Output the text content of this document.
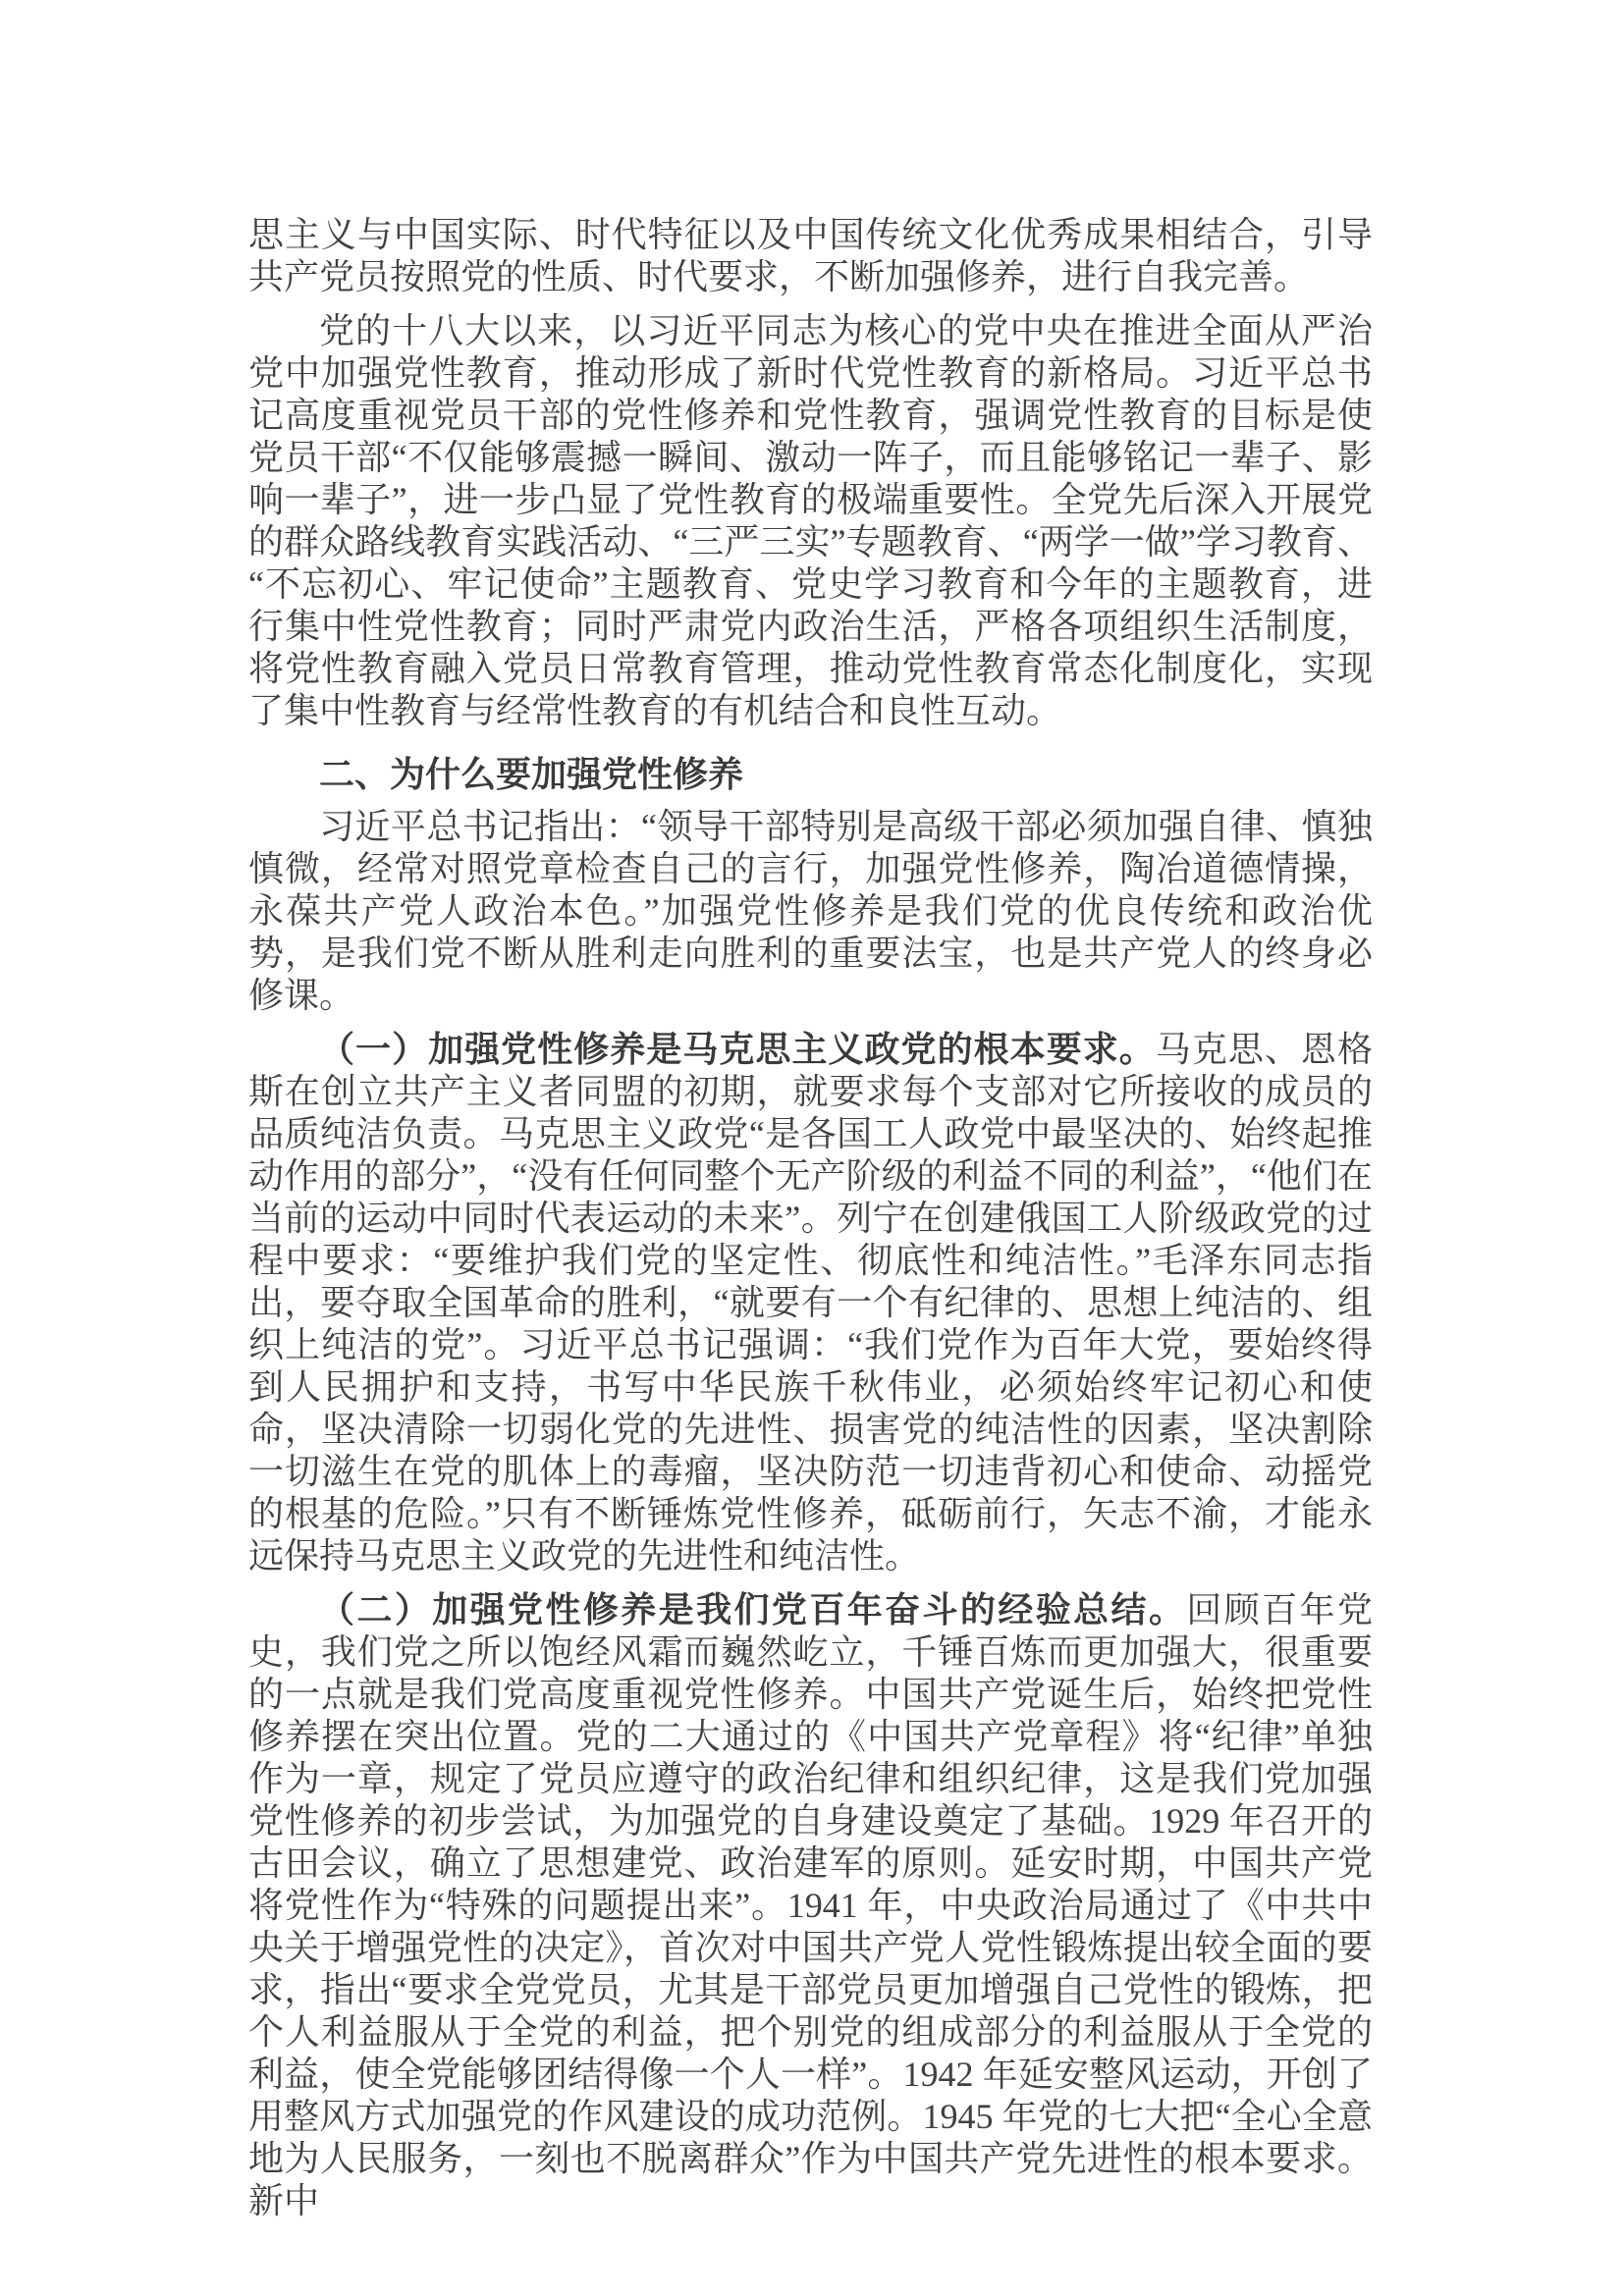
思主义与中国实际、时代特征以及中国传统文化优秀成果相结合，引导共产党员按照党的性质、时代要求，不断加强修养，进行自我完善。

党的十八大以来，以习近平同志为核心的党中央在推进全面从严治党中加强党性教育，推动形成了新时代党性教育的新格局。习近平总书记高度重视党员干部的党性修养和党性教育，强调党性教育的目标是使党员干部“不仅能够震撼一瞬间、激动一阵子，而且能够铭记一辈子、影响一辈子”，进一步凸显了党性教育的极端重要性。全党先后深入开展党的群众路线教育实践活动、“三严三实”专题教育、“两学一做”学习教育、“不忘初心、牢记使命”主题教育、党史学习教育和今年的主题教育，进行集中性党性教育；同时严肃党内政治生活，严格各项组织生活制度，将党性教育融入党员日常教育管理，推动党性教育常态化制度化，实现了集中性教育与经常性教育的有机结合和良性互动。

二、为什么要加强党性修养

习近平总书记指出：“领导干部特别是高级干部必须加强自律、慎独慎微，经常对照党章检查自己的言行，加强党性修养，陶冶道德情操，永葆共产党人政治本色。”加强党性修养是我们党的优良传统和政治优势，是我们党不断从胜利走向胜利的重要法宝，也是共产党人的终身必修课。

（一）加强党性修养是马克思主义政党的根本要求。马克思、恩格斯在创立共产主义者同盟的初期，就要求每个支部对它所接收的成员的品质纯洁负责。马克思主义政党“是各国工人政党中最坚决的、始终起推动作用的部分”，“没有任何同整个无产阶级的利益不同的利益”，“他们在当前的运动中同时代表运动的未来”。列宁在创建俄国工人阶级政党的过程中要求：“要维护我们党的坚定性、彻底性和纯洁性。”毛泽东同志指出，要夺取全国革命的胜利，“就要有一个有纪律的、思想上纯洁的、组织上纯洁的党”。习近平总书记强调：“我们党作为百年大党，要始终得到人民拥护和支持，书写中华民族千秋伟业，必须始终牢记初心和使命，坚决清除一切弱化党的先进性、损害党的纯洁性的因素，坚决割除一切滋生在党的肌体上的毒瘤，坚决防范一切违背初心和使命、动摇党的根基的危险。”只有不断锤炼党性修养，砥砺前行，矢志不渝，才能永远保持马克思主义政党的先进性和纯洁性。

（二）加强党性修养是我们党百年奋斗的经验总结。回顾百年党史，我们党之所以饱经风霜而巍然屹立，千锤百炼而更加强大，很重要的一点就是我们党高度重视党性修养。中国共产党诞生后，始终把党性修养摆在突出位置。党的二大通过的《中国共产党章程》将“纪律”单独作为一章，规定了党员应遵守的政治纪律和组织纪律，这是我们党加强党性修养的初步尝试，为加强党的自身建设奠定了基础。1929 年召开的古田会议，确立了思想建党、政治建军的原则。延安时期，中国共产党将党性作为“特殊的问题提出来”。1941 年，中央政治局通过了《中共中央关于增强党性的决定》，首次对中国共产党人党性锻炼提出较全面的要求，指出“要求全党党员，尤其是干部党员更加增强自己党性的锻炼，把个人利益服从于全党的利益，把个别党的组成部分的利益服从于全党的利益，使全党能够团结得像一个人一样”。1942 年延安整风运动，开创了用整风方式加强党的作风建设的成功范例。1945 年党的七大把“全心全意地为人民服务，一刻也不脱离群众”作为中国共产党先进性的根本要求。新中
